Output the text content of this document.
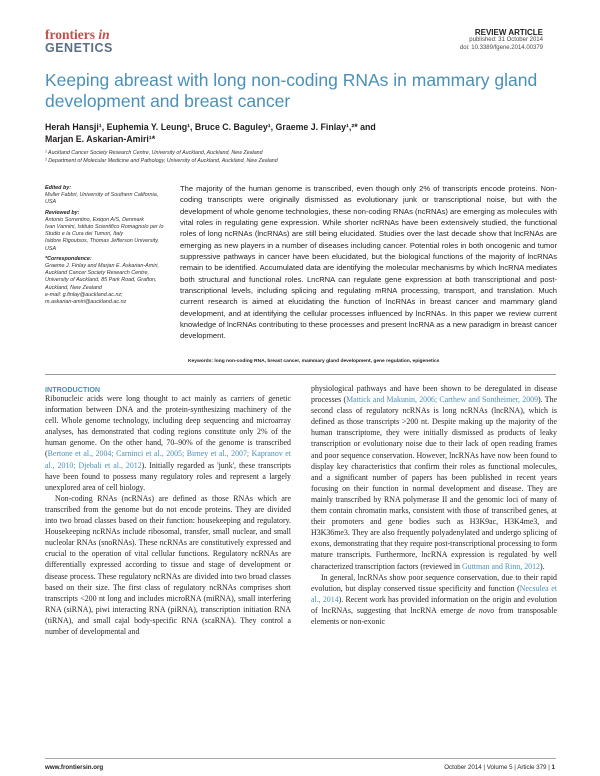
frontiers in
GENETICS
REVIEW ARTICLE
published: 31 October 2014
doi: 10.3389/fgene.2014.00379
Keeping abreast with long non-coding RNAs in mammary gland development and breast cancer
Herah Hansji¹, Euphemia Y. Leung¹, Bruce C. Baguley¹, Graeme J. Finlay¹,²* and
Marjan E. Askarian-Amiri¹*
¹ Auckland Cancer Society Research Centre, University of Auckland, Auckland, New Zealand
² Department of Molecular Medicine and Pathology, University of Auckland, Auckland, New Zealand

Edited by:

Muller Fabbri, University of Southern California, USA

Reviewed by:

Antonio Sorrentino, Exiqon A/S, Denmark

Ivan Vannini, Istituto Scientifico Romagnolo per lo Studio e la Cura dei Tumori, Italy

Isidore Rigoutsos, Thomas Jefferson University, USA

*Correspondence:

Graeme J. Finlay and Marjan E. Askarian-Amiri, Auckland Cancer Society Research Centre, University of Auckland, 85 Park Road, Grafton, Auckland, New Zealand

e-mail: g.finlay@auckland.ac.nz;

m.askarian-amiri@auckland.ac.nz

The majority of the human genome is transcribed, even though only 2% of transcripts encode proteins. Non-coding transcripts were originally dismissed as evolutionary junk or transcriptional noise, but with the development of whole genome technologies, these non-coding RNAs (ncRNAs) are emerging as molecules with vital roles in regulating gene expression. While shorter ncRNAs have been extensively studied, the functional roles of long ncRNAs (lncRNAs) are still being elucidated. Studies over the last decade show that lncRNAs are emerging as new players in a number of diseases including cancer. Potential roles in both oncogenic and tumor suppressive pathways in cancer have been elucidated, but the biological functions of the majority of lncRNAs remain to be identified. Accumulated data are identifying the molecular mechanisms by which lncRNA mediates both structural and functional roles. LncRNA can regulate gene expression at both transcriptional and post-transcriptional levels, including splicing and regulating mRNA processing, transport, and translation. Much current research is aimed at elucidating the function of lncRNAs in breast cancer and mammary gland development, and at identifying the cellular processes influenced by lncRNAs. In this paper we review current knowledge of lncRNAs contributing to these processes and present lncRNA as a new paradigm in breast cancer development.
Keywords: long non-coding RNA, breast cancer, mammary gland development, gene regulation, epigenetics
INTRODUCTION

Ribonucleic acids were long thought to act mainly as carriers of genetic information between DNA and the protein-synthesizing machinery of the cell. Whole genome technology, including deep sequencing and microarray analyses, has demonstrated that coding regions constitute only 2% of the human genome. On the other hand, 70–90% of the genome is transcribed (Bertone et al., 2004; Carninci et al., 2005; Birney et al., 2007; Kapranov et al., 2010; Djebali et al., 2012). Initially regarded as 'junk', these transcripts have been found to possess many regulatory roles and represent a largely unexplored area of cell biology.

Non-coding RNAs (ncRNAs) are defined as those RNAs which are transcribed from the genome but do not encode proteins. They are divided into two broad classes based on their function: housekeeping and regulatory. Housekeeping ncRNAs include ribosomal, transfer, small nuclear, and small nucleolar RNAs (snoRNAs). These ncRNAs are constitutively expressed and crucial to the operation of vital cellular functions. Regulatory ncRNAs are differentially expressed according to tissue and stage of development or disease process. These regulatory ncRNAs are divided into two broad classes based on their size. The first class of regulatory ncRNAs comprises short transcripts <200 nt long and includes microRNA (miRNA), small interfering RNA (siRNA), piwi interacting RNA (piRNA), transcription initiation RNA (tiRNA), and small cajal body-specific RNA (scaRNA). They control a number of developmental and

physiological pathways and have been shown to be deregulated in disease processes (Mattick and Makunin, 2006; Carthew and Sontheimer, 2009). The second class of regulatory ncRNAs is long ncRNAs (lncRNA), which is defined as those transcripts >200 nt. Despite making up the majority of the human transcriptome, they were initially dismissed as products of leaky transcription or evolutionary noise due to their lack of open reading frames and poor sequence conservation. However, lncRNAs have now been found to display key characteristics that confirm their roles as functional molecules, and a significant number of papers has been published in recent years focusing on their function in normal development and disease. They are mainly transcribed by RNA polymerase II and the genomic loci of many of them contain chromatin marks, consistent with those of transcribed genes, at their promoters and gene bodies such as H3K9ac, H3K4me3, and H3K36me3. They are also frequently polyadenylated and undergo splicing of exons, demonstrating that they require post-transcriptional processing to form mature transcripts. Furthermore, lncRNA expression is regulated by well characterized transcription factors (reviewed in Guttman and Rinn, 2012).

In general, lncRNAs show poor sequence conservation, due to their rapid evolution, but display conserved tissue specificity and function (Necsulea et al., 2014). Recent work has provided information on the origin and evolution of lncRNAs, suggesting that lncRNA emerge de novo from transposable elements or non-exonic

www.frontiersin.org	October 2014 | Volume 5 | Article 379 | 1
